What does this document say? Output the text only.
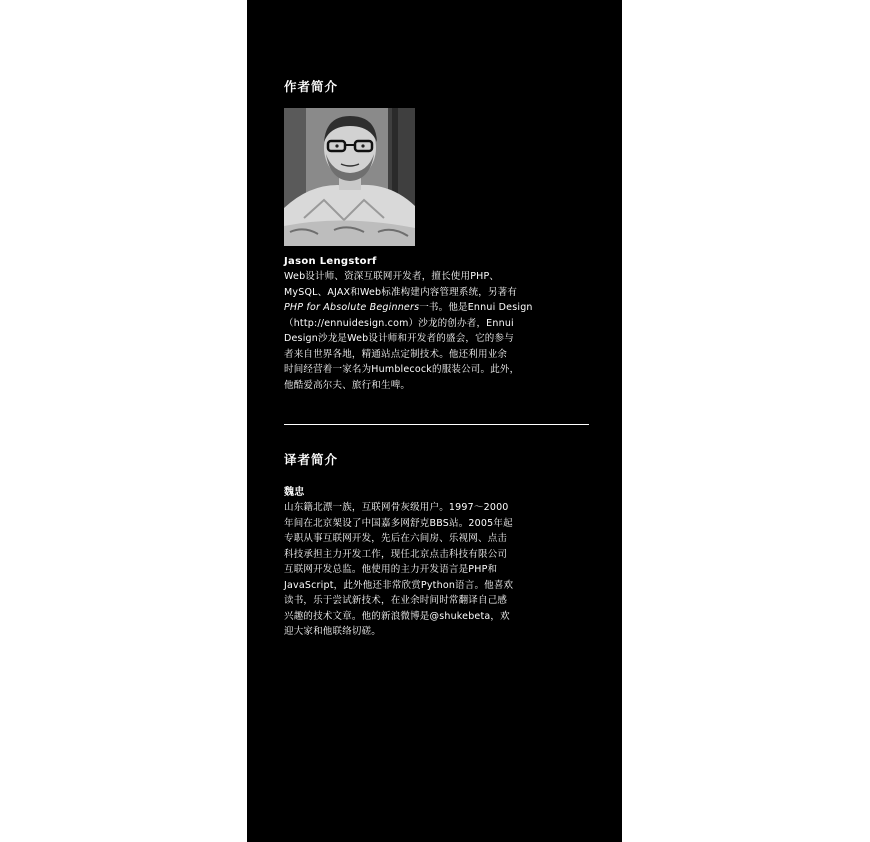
作者简介
Jason Lengstorf
Web设计师、资深互联网开发者，擅长使用PHP、
MySQL、AJAX和Web标准构建内容管理系统，另著有
PHP for Absolute Beginners一书。他是Ennui Design
（http://ennuidesign.com）沙龙的创办者，Ennui
Design沙龙是Web设计师和开发者的盛会，它的参与
者来自世界各地，精通站点定制技术。他还利用业余
时间经营着一家名为Humblecock的服装公司。此外，
他酷爱高尔夫、旅行和生啤。
译者简介
魏忠
山东籍北漂一族，互联网骨灰级用户。1997～2000
年间在北京架设了中国嘉多网舒克BBS站。2005年起
专职从事互联网开发，先后在六间房、乐视网、点击
科技承担主力开发工作，现任北京点击科技有限公司
互联网开发总监。他使用的主力开发语言是PHP和
JavaScript，此外他还非常欣赏Python语言。他喜欢
读书，乐于尝试新技术，在业余时间时常翻译自己感
兴趣的技术文章。他的新浪微博是@shukebeta，欢
迎大家和他联络切磋。
